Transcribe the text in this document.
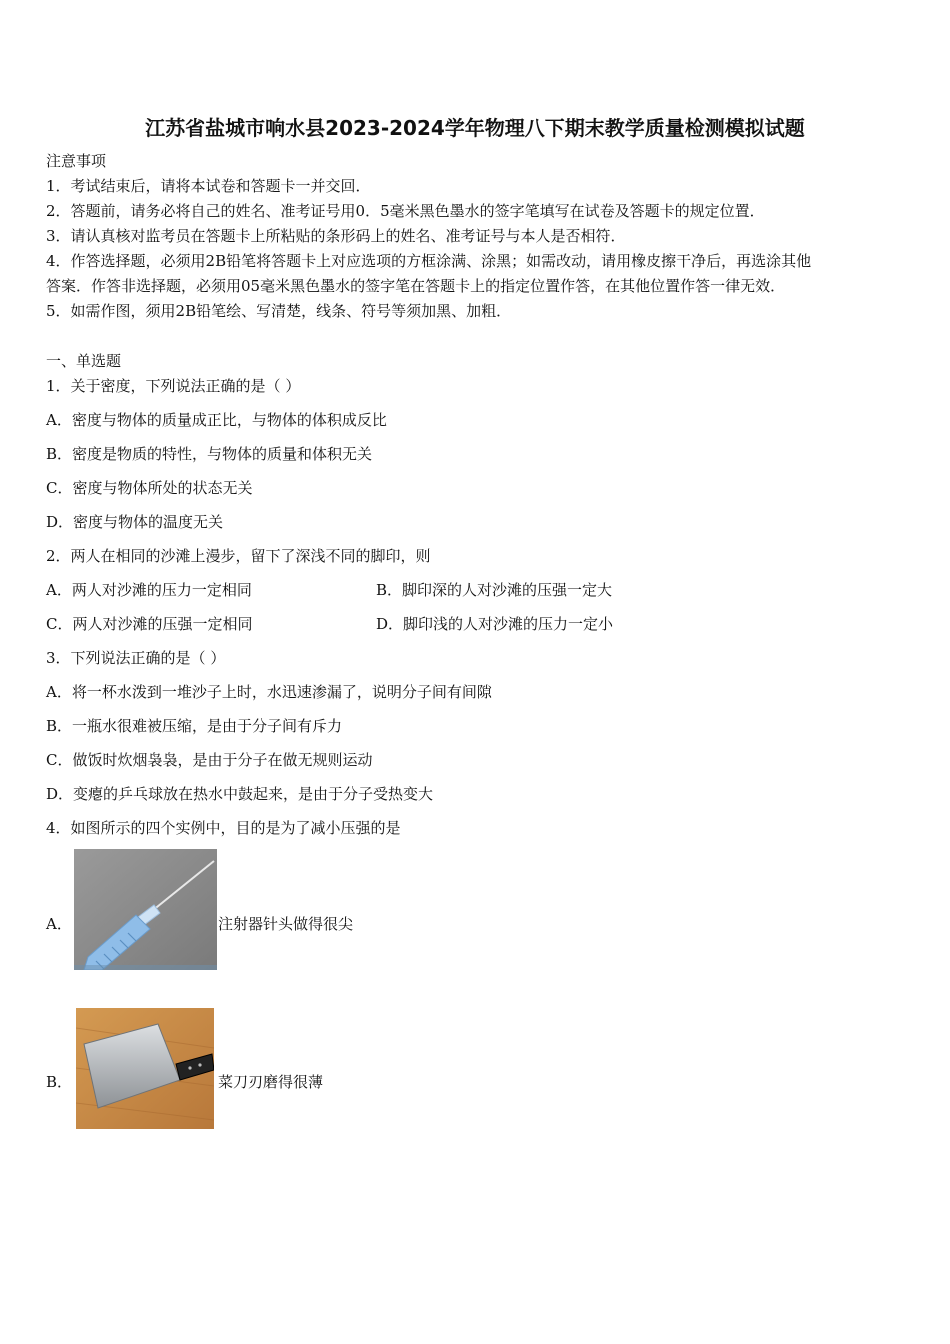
江苏省盐城市响水县2023-2024学年物理八下期末教学质量检测模拟试题
注意事项
1．考试结束后，请将本试卷和答题卡一并交回．
2．答题前，请务必将自己的姓名、准考证号用0．5毫米黑色墨水的签字笔填写在试卷及答题卡的规定位置．
3．请认真核对监考员在答题卡上所粘贴的条形码上的姓名、准考证号与本人是否相符．
4．作答选择题，必须用2B铅笔将答题卡上对应选项的方框涂满、涂黑；如需改动，请用橡皮擦干净后，再选涂其他
答案．作答非选择题，必须用05毫米黑色墨水的签字笔在答题卡上的指定位置作答，在其他位置作答一律无效．
5．如需作图，须用2B铅笔绘、写清楚，线条、符号等须加黑、加粗．
一、单选题
1．关于密度，下列说法正确的是（ ）
A．密度与物体的质量成正比，与物体的体积成反比
B．密度是物质的特性，与物体的质量和体积无关
C．密度与物体所处的状态无关
D．密度与物体的温度无关
2．两人在相同的沙滩上漫步，留下了深浅不同的脚印，则
A．两人对沙滩的压力一定相同	B．脚印深的人对沙滩的压强一定大
C．两人对沙滩的压强一定相同	D．脚印浅的人对沙滩的压力一定小
3．下列说法正确的是（ ）
A．将一杯水泼到一堆沙子上时，水迅速渗漏了，说明分子间有间隙
B．一瓶水很难被压缩，是由于分子间有斥力
C．做饭时炊烟袅袅，是由于分子在做无规则运动
D．变瘪的乒乓球放在热水中鼓起来，是由于分子受热变大
4．如图所示的四个实例中，目的是为了减小压强的是
A．	注射器针头做得很尖
B．	菜刀刃磨得很薄
